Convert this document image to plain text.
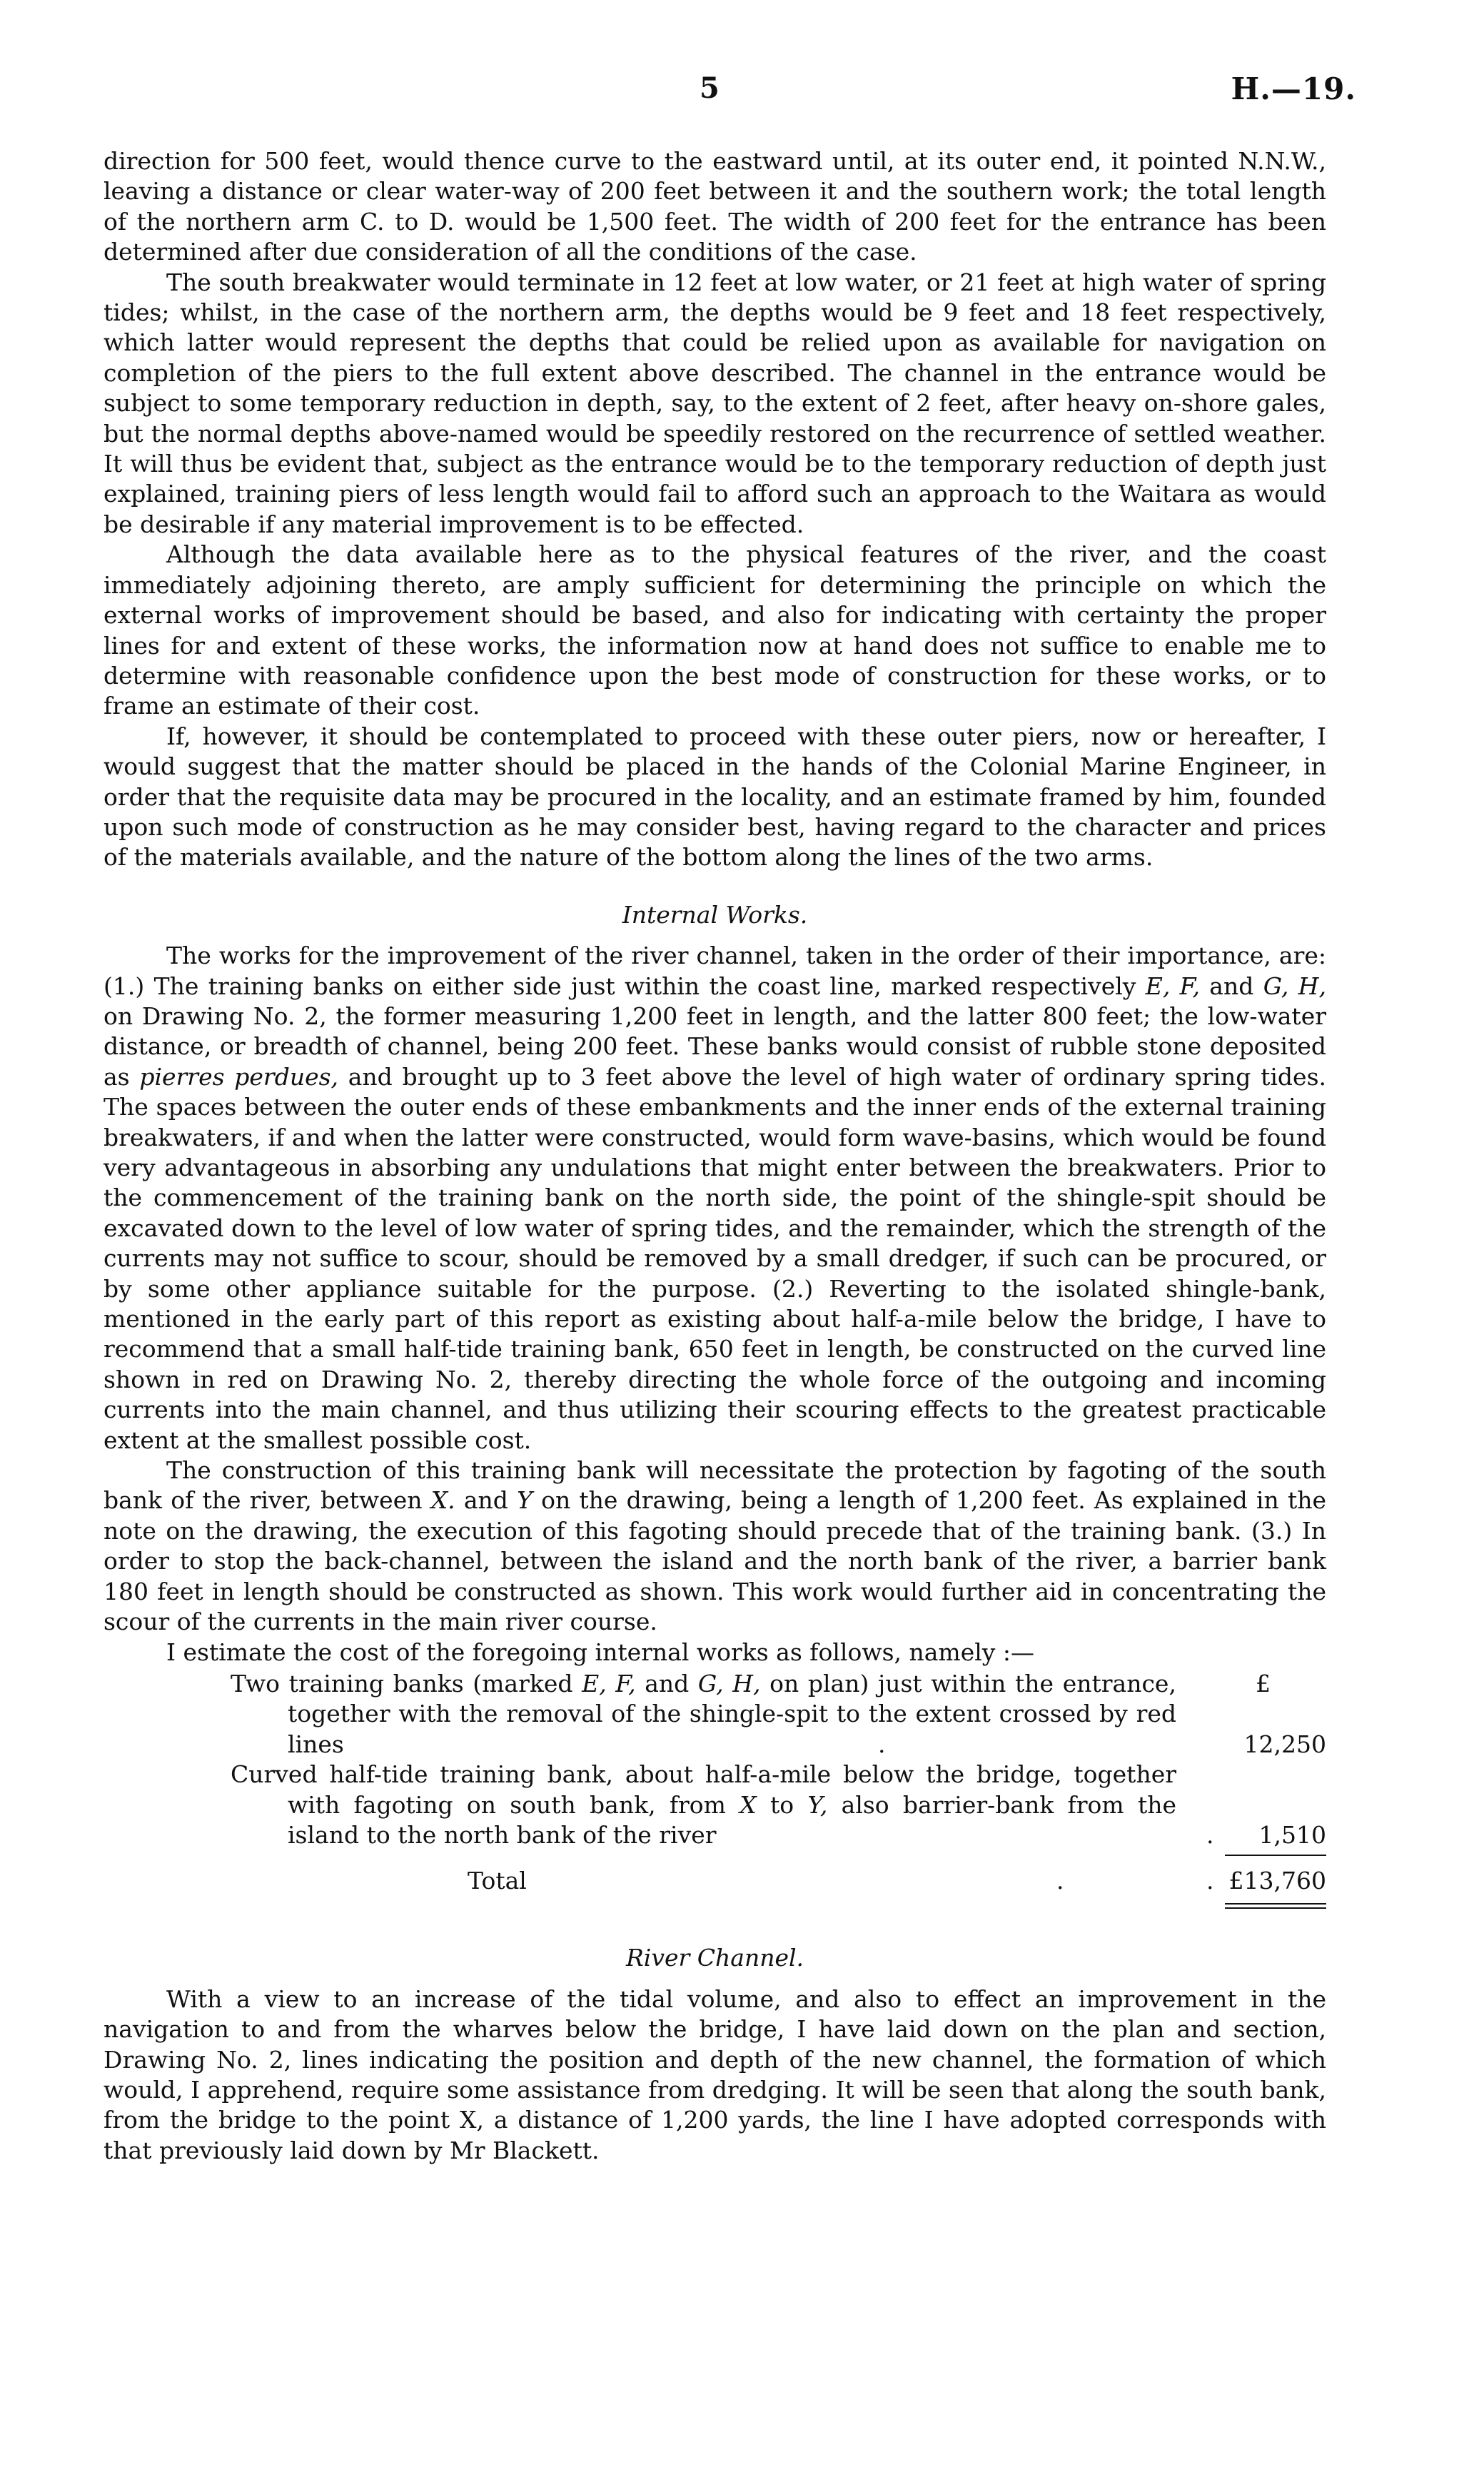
5	H.—19.

direction for 500 feet, would thence curve to the eastward until, at its outer end, it pointed N.N.W., leaving a distance or clear water-way of 200 feet between it and the southern work; the total length of the northern arm C. to D. would be 1,500 feet. The width of 200 feet for the entrance has been determined after due consideration of all the conditions of the case.

The south breakwater would terminate in 12 feet at low water, or 21 feet at high water of spring tides; whilst, in the case of the northern arm, the depths would be 9 feet and 18 feet respectively, which latter would represent the depths that could be relied upon as available for navigation on completion of the piers to the full extent above described. The channel in the entrance would be subject to some temporary reduction in depth, say, to the extent of 2 feet, after heavy on-shore gales, but the normal depths above-named would be speedily restored on the recurrence of settled weather. It will thus be evident that, subject as the entrance would be to the temporary reduction of depth just explained, training piers of less length would fail to afford such an approach to the Waitara as would be desirable if any material improvement is to be effected.

Although the data available here as to the physical features of the river, and the coast immediately adjoining thereto, are amply sufficient for determining the principle on which the external works of improvement should be based, and also for indicating with certainty the proper lines for and extent of these works, the information now at hand does not suffice to enable me to determine with reasonable confidence upon the best mode of construction for these works, or to frame an estimate of their cost.

If, however, it should be contemplated to proceed with these outer piers, now or hereafter, I would suggest that the matter should be placed in the hands of the Colonial Marine Engineer, in order that the requisite data may be procured in the locality, and an estimate framed by him, founded upon such mode of construction as he may consider best, having regard to the character and prices of the materials available, and the nature of the bottom along the lines of the two arms.

Internal Works.

The works for the improvement of the river channel, taken in the order of their importance, are: (1.) The training banks on either side just within the coast line, marked respectively E, F, and G, H, on Drawing No. 2, the former measuring 1,200 feet in length, and the latter 800 feet; the low-water distance, or breadth of channel, being 200 feet. These banks would consist of rubble stone deposited as pierres perdues, and brought up to 3 feet above the level of high water of ordinary spring tides. The spaces between the outer ends of these embankments and the inner ends of the external training breakwaters, if and when the latter were constructed, would form wave-basins, which would be found very advantageous in absorbing any undulations that might enter between the breakwaters. Prior to the commencement of the training bank on the north side, the point of the shingle-spit should be excavated down to the level of low water of spring tides, and the remainder, which the strength of the currents may not suffice to scour, should be removed by a small dredger, if such can be procured, or by some other appliance suitable for the purpose. (2.) Reverting to the isolated shingle-bank, mentioned in the early part of this report as existing about half-a-mile below the bridge, I have to recommend that a small half-tide training bank, 650 feet in length, be constructed on the curved line shown in red on Drawing No. 2, thereby directing the whole force of the outgoing and incoming currents into the main channel, and thus utilizing their scouring effects to the greatest practicable extent at the smallest possible cost.

The construction of this training bank will necessitate the protection by fagoting of the south bank of the river, between X. and Y on the drawing, being a length of 1,200 feet. As explained in the note on the drawing, the execution of this fagoting should precede that of the training bank. (3.) In order to stop the back-channel, between the island and the north bank of the river, a barrier bank 180 feet in length should be constructed as shown. This work would further aid in concentrating the scour of the currents in the main river course.

I estimate the cost of the foregoing internal works as follows, namely :—

£
Two training banks (marked E, F, and G, H, on plan) just within the entrance, together with the removal of the shingle-spit to the extent crossed by red lines	.	12,250

Curved half-tide training bank, about half-a-mile below the bridge, together with fagoting on south bank, from X to Y, also barrier-bank from the island to the north bank of the river	.	1,510

Total	.	. £13,760

River Channel.

With a view to an increase of the tidal volume, and also to effect an improvement in the navigation to and from the wharves below the bridge, I have laid down on the plan and section, Drawing No. 2, lines indicating the position and depth of the new channel, the formation of which would, I apprehend, require some assistance from dredging. It will be seen that along the south bank, from the bridge to the point X, a distance of 1,200 yards, the line I have adopted corresponds with that previously laid down by Mr Blackett.
